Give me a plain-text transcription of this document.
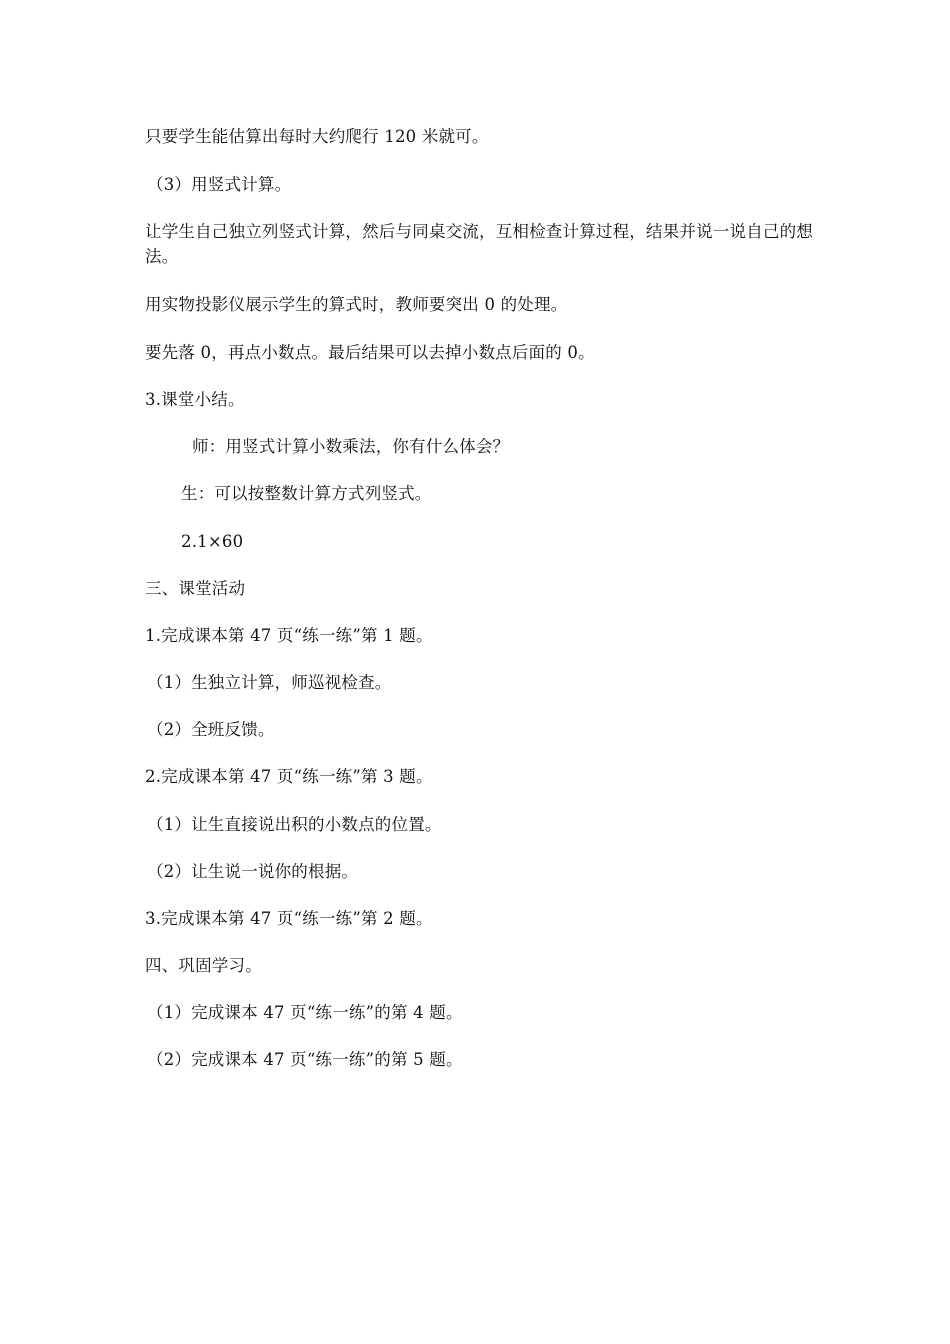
只要学生能估算出每时大约爬行 120 米就可。
（3）用竖式计算。
让学生自己独立列竖式计算，然后与同桌交流，互相检查计算过程，结果并说一说自己的想法。
用实物投影仪展示学生的算式时，教师要突出 0 的处理。
要先落 0，再点小数点。最后结果可以去掉小数点后面的 0。
3.课堂小结。
师：用竖式计算小数乘法，你有什么体会？
生：可以按整数计算方式列竖式。
2.1×60
三、课堂活动
1.完成课本第 47 页“练一练”第 1 题。
（1）生独立计算，师巡视检查。
（2）全班反馈。
2.完成课本第 47 页“练一练”第 3 题。
（1）让生直接说出积的小数点的位置。
（2）让生说一说你的根据。
3.完成课本第 47 页“练一练”第 2 题。
四、巩固学习。
（1）完成课本 47 页“练一练”的第 4 题。
（2）完成课本 47 页“练一练”的第 5 题。
